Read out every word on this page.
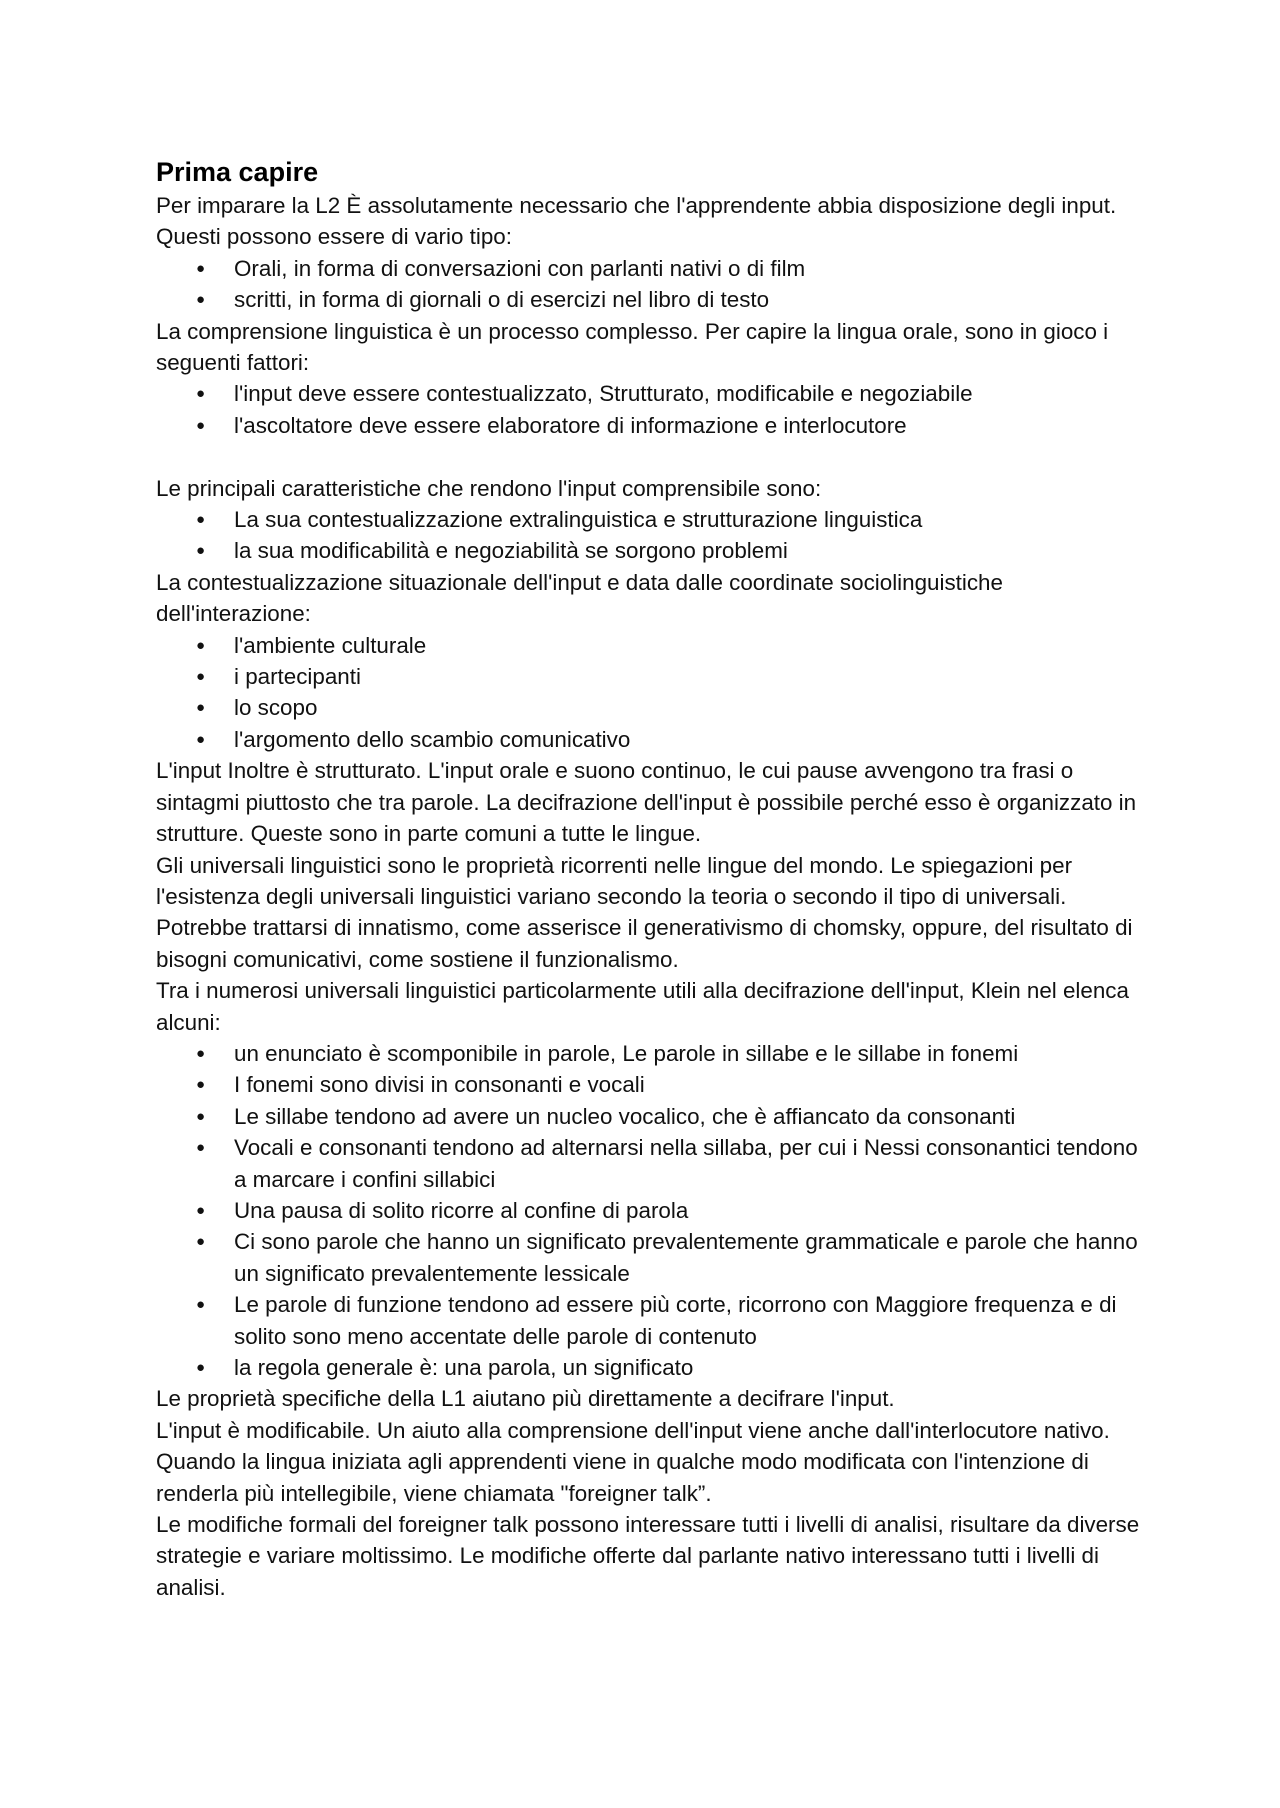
Prima capire

Per imparare la L2 È assolutamente necessario che l'apprendente abbia disposizione degli input. Questi possono essere di vario tipo:

● Orali, in forma di conversazioni con parlanti nativi o di film
● scritti, in forma di giornali o di esercizi nel libro di testo

La comprensione linguistica è un processo complesso. Per capire la lingua orale, sono in gioco i seguenti fattori:

● l'input deve essere contestualizzato, Strutturato, modificabile e negoziabile
● l'ascoltatore deve essere elaboratore di informazione e interlocutore

Le principali caratteristiche che rendono l'input comprensibile sono:

● La sua contestualizzazione extralinguistica e strutturazione linguistica
● la sua modificabilità e negoziabilità se sorgono problemi

La contestualizzazione situazionale dell'input e data dalle coordinate sociolinguistiche dell'interazione:

● l'ambiente culturale
● i partecipanti
● lo scopo
● l'argomento dello scambio comunicativo

L'input Inoltre è strutturato. L'input orale e suono continuo, le cui pause avvengono tra frasi o sintagmi piuttosto che tra parole. La decifrazione dell'input è possibile perché esso è organizzato in strutture. Queste sono in parte comuni a tutte le lingue.

Gli universali linguistici sono le proprietà ricorrenti nelle lingue del mondo. Le spiegazioni per l'esistenza degli universali linguistici variano secondo la teoria o secondo il tipo di universali. Potrebbe trattarsi di innatismo, come asserisce il generativismo di chomsky, oppure, del risultato di bisogni comunicativi, come sostiene il funzionalismo.

Tra i numerosi universali linguistici particolarmente utili alla decifrazione dell'input, Klein nel elenca alcuni:

● un enunciato è scomponibile in parole, Le parole in sillabe e le sillabe in fonemi
● I fonemi sono divisi in consonanti e vocali
● Le sillabe tendono ad avere un nucleo vocalico, che è affiancato da consonanti
● Vocali e consonanti tendono ad alternarsi nella sillaba, per cui i Nessi consonantici tendono a marcare i confini sillabici
● Una pausa di solito ricorre al confine di parola
● Ci sono parole che hanno un significato prevalentemente grammaticale e parole che hanno un significato prevalentemente lessicale
● Le parole di funzione tendono ad essere più corte, ricorrono con Maggiore frequenza e di solito sono meno accentate delle parole di contenuto
● la regola generale è: una parola, un significato

Le proprietà specifiche della L1 aiutano più direttamente a decifrare l'input.

L'input è modificabile. Un aiuto alla comprensione dell'input viene anche dall'interlocutore nativo. Quando la lingua iniziata agli apprendenti viene in qualche modo modificata con l'intenzione di renderla più intellegibile, viene chiamata "foreigner talk”.

Le modifiche formali del foreigner talk possono interessare tutti i livelli di analisi, risultare da diverse strategie e variare moltissimo. Le modifiche offerte dal parlante nativo interessano tutti i livelli di analisi.
